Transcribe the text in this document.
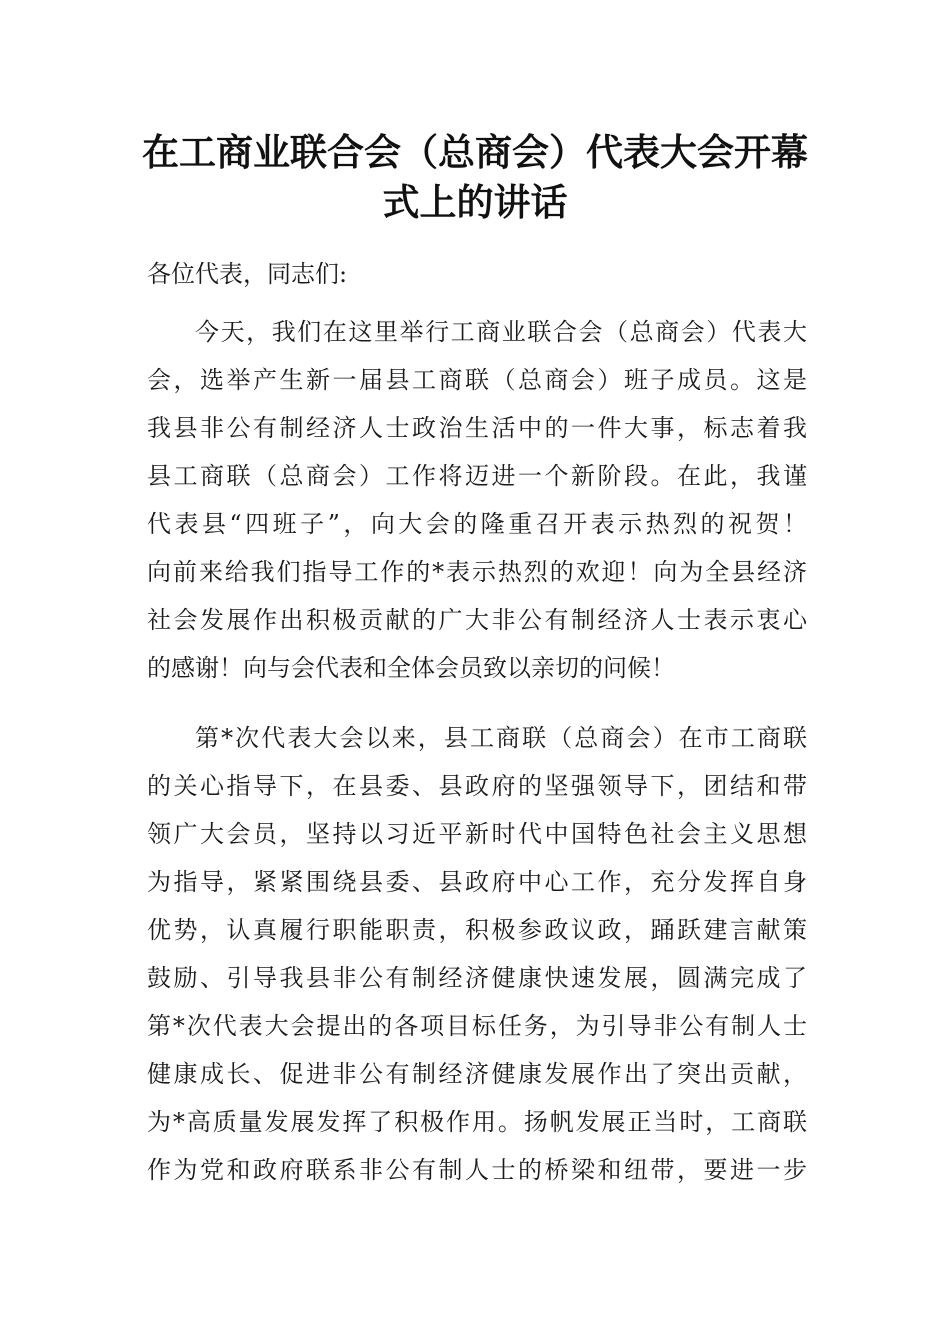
在工商业联合会（总商会）代表大会开幕
式上的讲话

各位代表，同志们:

今天，我们在这里举行工商业联合会（总商会）代表大
会，选举产生新一届县工商联（总商会）班子成员。这是
我县非公有制经济人士政治生活中的一件大事，标志着我
县工商联（总商会）工作将迈进一个新阶段。在此，我谨
代表县“四班子”，向大会的隆重召开表示热烈的祝贺！
向前来给我们指导工作的*表示热烈的欢迎！向为全县经济
社会发展作出积极贡献的广大非公有制经济人士表示衷心
的感谢！向与会代表和全体会员致以亲切的问候！
第*次代表大会以来，县工商联（总商会）在市工商联
的关心指导下，在县委、县政府的坚强领导下，团结和带
领广大会员，坚持以习近平新时代中国特色社会主义思想
为指导，紧紧围绕县委、县政府中心工作，充分发挥自身
优势，认真履行职能职责，积极参政议政，踊跃建言献策
鼓励、引导我县非公有制经济健康快速发展，圆满完成了
第*次代表大会提出的各项目标任务，为引导非公有制人士
健康成长、促进非公有制经济健康发展作出了突出贡献，
为*高质量发展发挥了积极作用。扬帆发展正当时，工商联
作为党和政府联系非公有制人士的桥梁和纽带，要进一步
